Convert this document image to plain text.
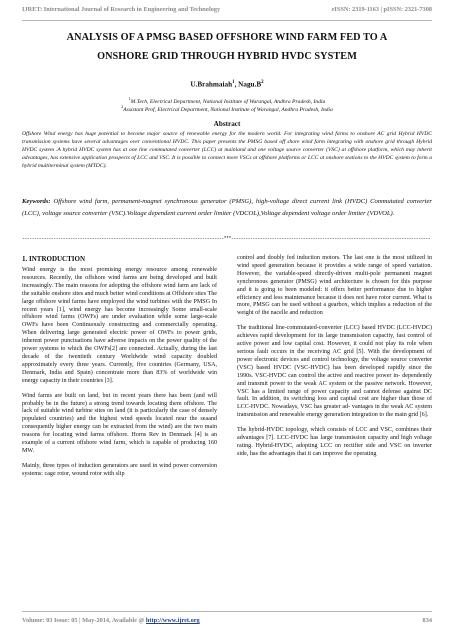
IJRET: International Journal of Research in Engineering and Technology	eISSN: 2319-1163 | pISSN: 2321-7308
ANALYSIS OF A PMSG BASED OFFSHORE WIND FARM FED TO A
ONSHORE GRID THROUGH HYBRID HVDC SYSTEM
U.Brahmaiah$^1$, $Nagu.B^2$
$^1$M.Tech, Electrical Department, National Institute of Warangal, Andhra Pradesh, India
$^2$Assistant Prof, Electrical Department, National Institute of Warangal, Andhra Pradesh, India
Abstract
Offshore Wind energy has huge potential to become major source of renewable energy for the modern world. For integrating wind farms to onshore AC grid Hybrid HVDC transmission systems have several advantages over conventional HVDC. This paper presents the PMSG based off shore wind farm integrating with onshore grid through Hybrid HVDC system .A hybrid HVDC system has at one line commutated converter (LCC) at mainland and one voltage source converter (VSC) at offshore platform, which may inherit advantages, has extensive application prospects of LCC and VSC. It is possible to connect more VSCs at offshore platforms or LCC at onshore stations to the HVDC system to form a hybrid multiterminal system (MTDC).
Keywords: Offshore wind farm, permanent-magnet synchronous generator (PMSG), high-voltage direct current link (HVDC) Commutated converter (LCC), voltage source converter (VSC).Voltage dependent current order limiter (VDCOL),Voltage dependent voltage order limiter (VDVOL).
------------------------------------------------------------------------------------***-----------------------------------------------------------------------------------
1. INTRODUCTION

Wind energy is the most promising energy resource among renewable resources. Recently, the offshore wind farms are being developed and built increasingly. The main reasons for adopting the offshore wind farm are lack of the suitable onshore sites and much better wind conditions at Offshore sites The large offshore wind farms have employed the wind turbines with the PMSG In recent years [1], wind energy has become increasingly Some small-scale offshore wind farms (OWFs) are under evaluation while some large-scale OWFs have been Continuously constructing and commercially operating. When delivering large generated electric power of OWFs to power grids, inherent power punctuations have adverse impacts on the power quality of the power systems to which the OWFs[2] are connected. Actually, during the last decade of the twentieth century Worldwide wind capacity doubled approximately every three years. Currently, five countries (Germany, USA, Denmark, India and Spain) concentrate more than 83% of worldwide win energy capacity in their countries [3].

Wind farms are built on land, but in recent years there has been (and will probably be in the future) a strong trend towards locating them offshore. The lack of suitable wind turbine sites on land (it is particularly the case of densely populated countries) and the highest wind speeds located near the seaand consequently higher energy can be extracted from the wind) are the two main reasons for locating wind farms offshore. Horns Rev in Denmark [4] is an example of a current offshore wind farm, which is capable of producing 160 MW.

Mainly, three types of induction generators are used in wind power conversion systems: cage rotor, wound rotor with slip

control and doubly fed induction motors. The last one is the most utilized in wind speed generation because it provides a wide range of speed variation. However, the variable-speed directly-driven multi-pole permanent magnet synchronous generator (PMSG) wind architecture is chosen for this purpose and it is going to been modeled: it offers better performance due to higher efficiency and less maintenance because it does not have rotor current. What is more, PMSG can be used without a gearbox, which implies a reduction of the weight of the nacelle and reduction

The traditional line-commutated-converter (LCC) based HVDC (LCC-HVDC) achieves rapid development for its large transmission capacity, fast control of active power and low capital cost. However, it could not play its role when serious fault occurs in the receiving AC grid [5]. With the development of power electronic devices and control technology, the voltage source converter (VSC) based HVDC (VSC-HVDC) has been developed rapidly since the 1990s. VSC-HVDC can control the active and reactive power in- dependently and transmit power to the weak AC system or the passive network. However, VSC has a limited range of power capacity and cannot defense against DC fault. In addition, its switching loss and capital cost are higher than those of LCC-HVDC. Nowadays, VSC has greater ad- vantages in the weak AC system transmission and renewable energy generation integration to the main grid [6].

The hybrid-HVDC topology, which consists of LCC and VSC, combines their advantages [7]. LCC-HVDC has large transmission capacity and high voltage rating. Hybrid-HVDC, adopting LCC on rectifier side and VSC on inverter side, has the advantages that it can improve the operating

Volume: 03 Issue: 05 | May-2014, Available @ http://www.ijret.org	834
